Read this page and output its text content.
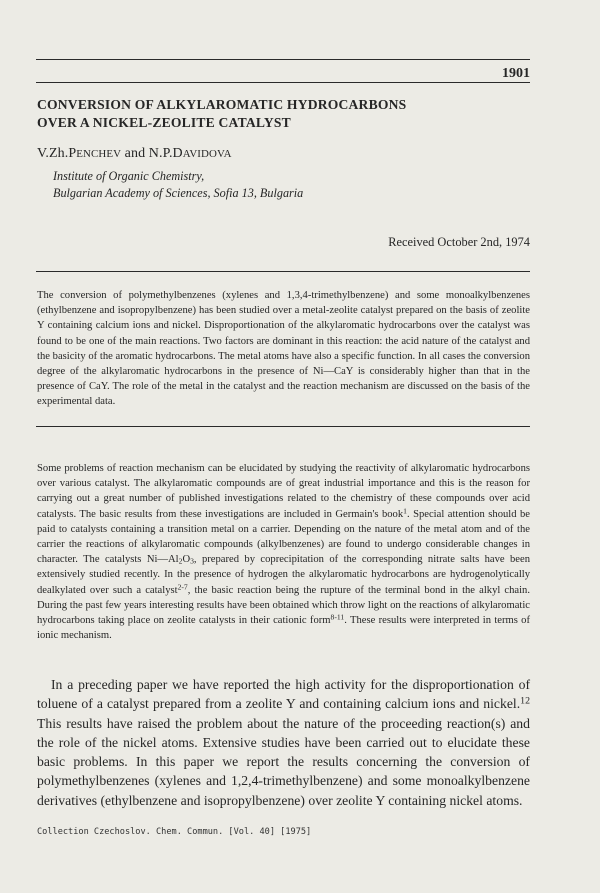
1901
CONVERSION OF ALKYLAROMATIC HYDROCARBONS
OVER A NICKEL-ZEOLITE CATALYST
V.Zh.PENCHEV and N.P.DAVIDOVA
Institute of Organic Chemistry,
Bulgarian Academy of Sciences, Sofia 13, Bulgaria
Received October 2nd, 1974
The conversion of polymethylbenzenes (xylenes and 1,3,4-trimethylbenzene) and some monoalkylbenzenes (ethylbenzene and isopropylbenzene) has been studied over a metal-zeolite catalyst prepared on the basis of zeolite Y containing calcium ions and nickel. Disproportionation of the alkylaromatic hydrocarbons over the catalyst was found to be one of the main reactions. Two factors are dominant in this reaction: the acid nature of the catalyst and the basicity of the aromatic hydrocarbons. The metal atoms have also a specific function. In all cases the conversion degree of the alkylaromatic hydrocarbons in the presence of Ni—CaY is considerably higher than that in the presence of CaY. The role of the metal in the catalyst and the reaction mechanism are discussed on the basis of the experimental data.
Some problems of reaction mechanism can be elucidated by studying the reactivity of alkylaromatic hydrocarbons over various catalyst. The alkylaromatic compounds are of great industrial importance and this is the reason for carrying out a great number of published investigations related to the chemistry of these compounds over acid catalysts. The basic results from these investigations are included in Germain's book$^1$. Special attention should be paid to catalysts containing a transition metal on a carrier. Depending on the nature of the metal atom and of the carrier the reactions of alkylaromatic compounds (alkylbenzenes) are found to undergo considerable changes in character. The catalysts $Ni—Al_2O_3$, prepared by coprecipitation of the corresponding nitrate salts have been extensively studied recently. In the presence of hydrogen the alkylaromatic hydrocarbons are hydrogenolytically dealkylated over such a catalyst$^{2-7}$, the basic reaction being the rupture of the terminal bond in the alkyl chain. During the past few years interesting results have been obtained which throw light on the reactions of alkylaromatic hydrocarbons taking place on zeolite catalysts in their cationic form$^{8-11}$. These results were interpreted in terms of ionic mechanism.
In a preceding paper we have reported the high activity for the disproportionation of toluene of a catalyst prepared from a zeolite Y and containing calcium ions and nickel.$^{12}$ This results have raised the problem about the nature of the proceeding reaction(s) and the role of the nickel atoms. Extensive studies have been carried out to elucidate these basic problems. In this paper we report the results concerning the conversion of polymethylbenzenes (xylenes and 1,2,4-trimethylbenzene) and some monoalkylbenzene derivatives (ethylbenzene and isopropylbenzene) over zeolite Y containing nickel atoms.
Collection Czechoslov. Chem. Commun. [Vol. 40] [1975]
